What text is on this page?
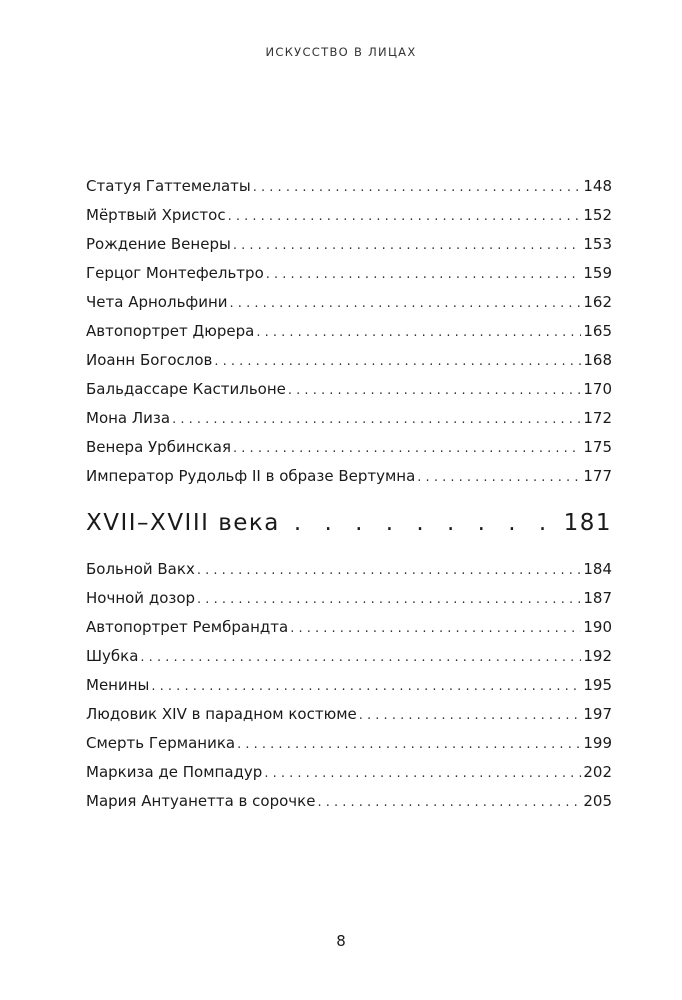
ИСКУССТВО В ЛИЦАХ
Статуя Гаттемелаты . . .	148
Мёртвый Христос . . .	152
Рождение Венеры . . .	153
Герцог Монтефельтро . . .	159
Чета Арнольфини . . .	162
Автопортрет Дюрера . . .	165
Иоанн Богослов . . .	168
Бальдассаре Кастильоне . . .	170
Мона Лиза . . .	172
Венера Урбинская . . .	175
Император Рудольф II в образе Вертумна . . .	177
XVII–XVIII века . . .	181
Больной Вакх . . .	184
Ночной дозор . . .	187
Автопортрет Рембрандта . . .	190
Шубка . . .	192
Менины . . .	195
Людовик XIV в парадном костюме . . .	197
Смерть Германика . . .	199
Маркиза де Помпадур . . .	202
Мария Антуанетта в сорочке . . .	205
8
